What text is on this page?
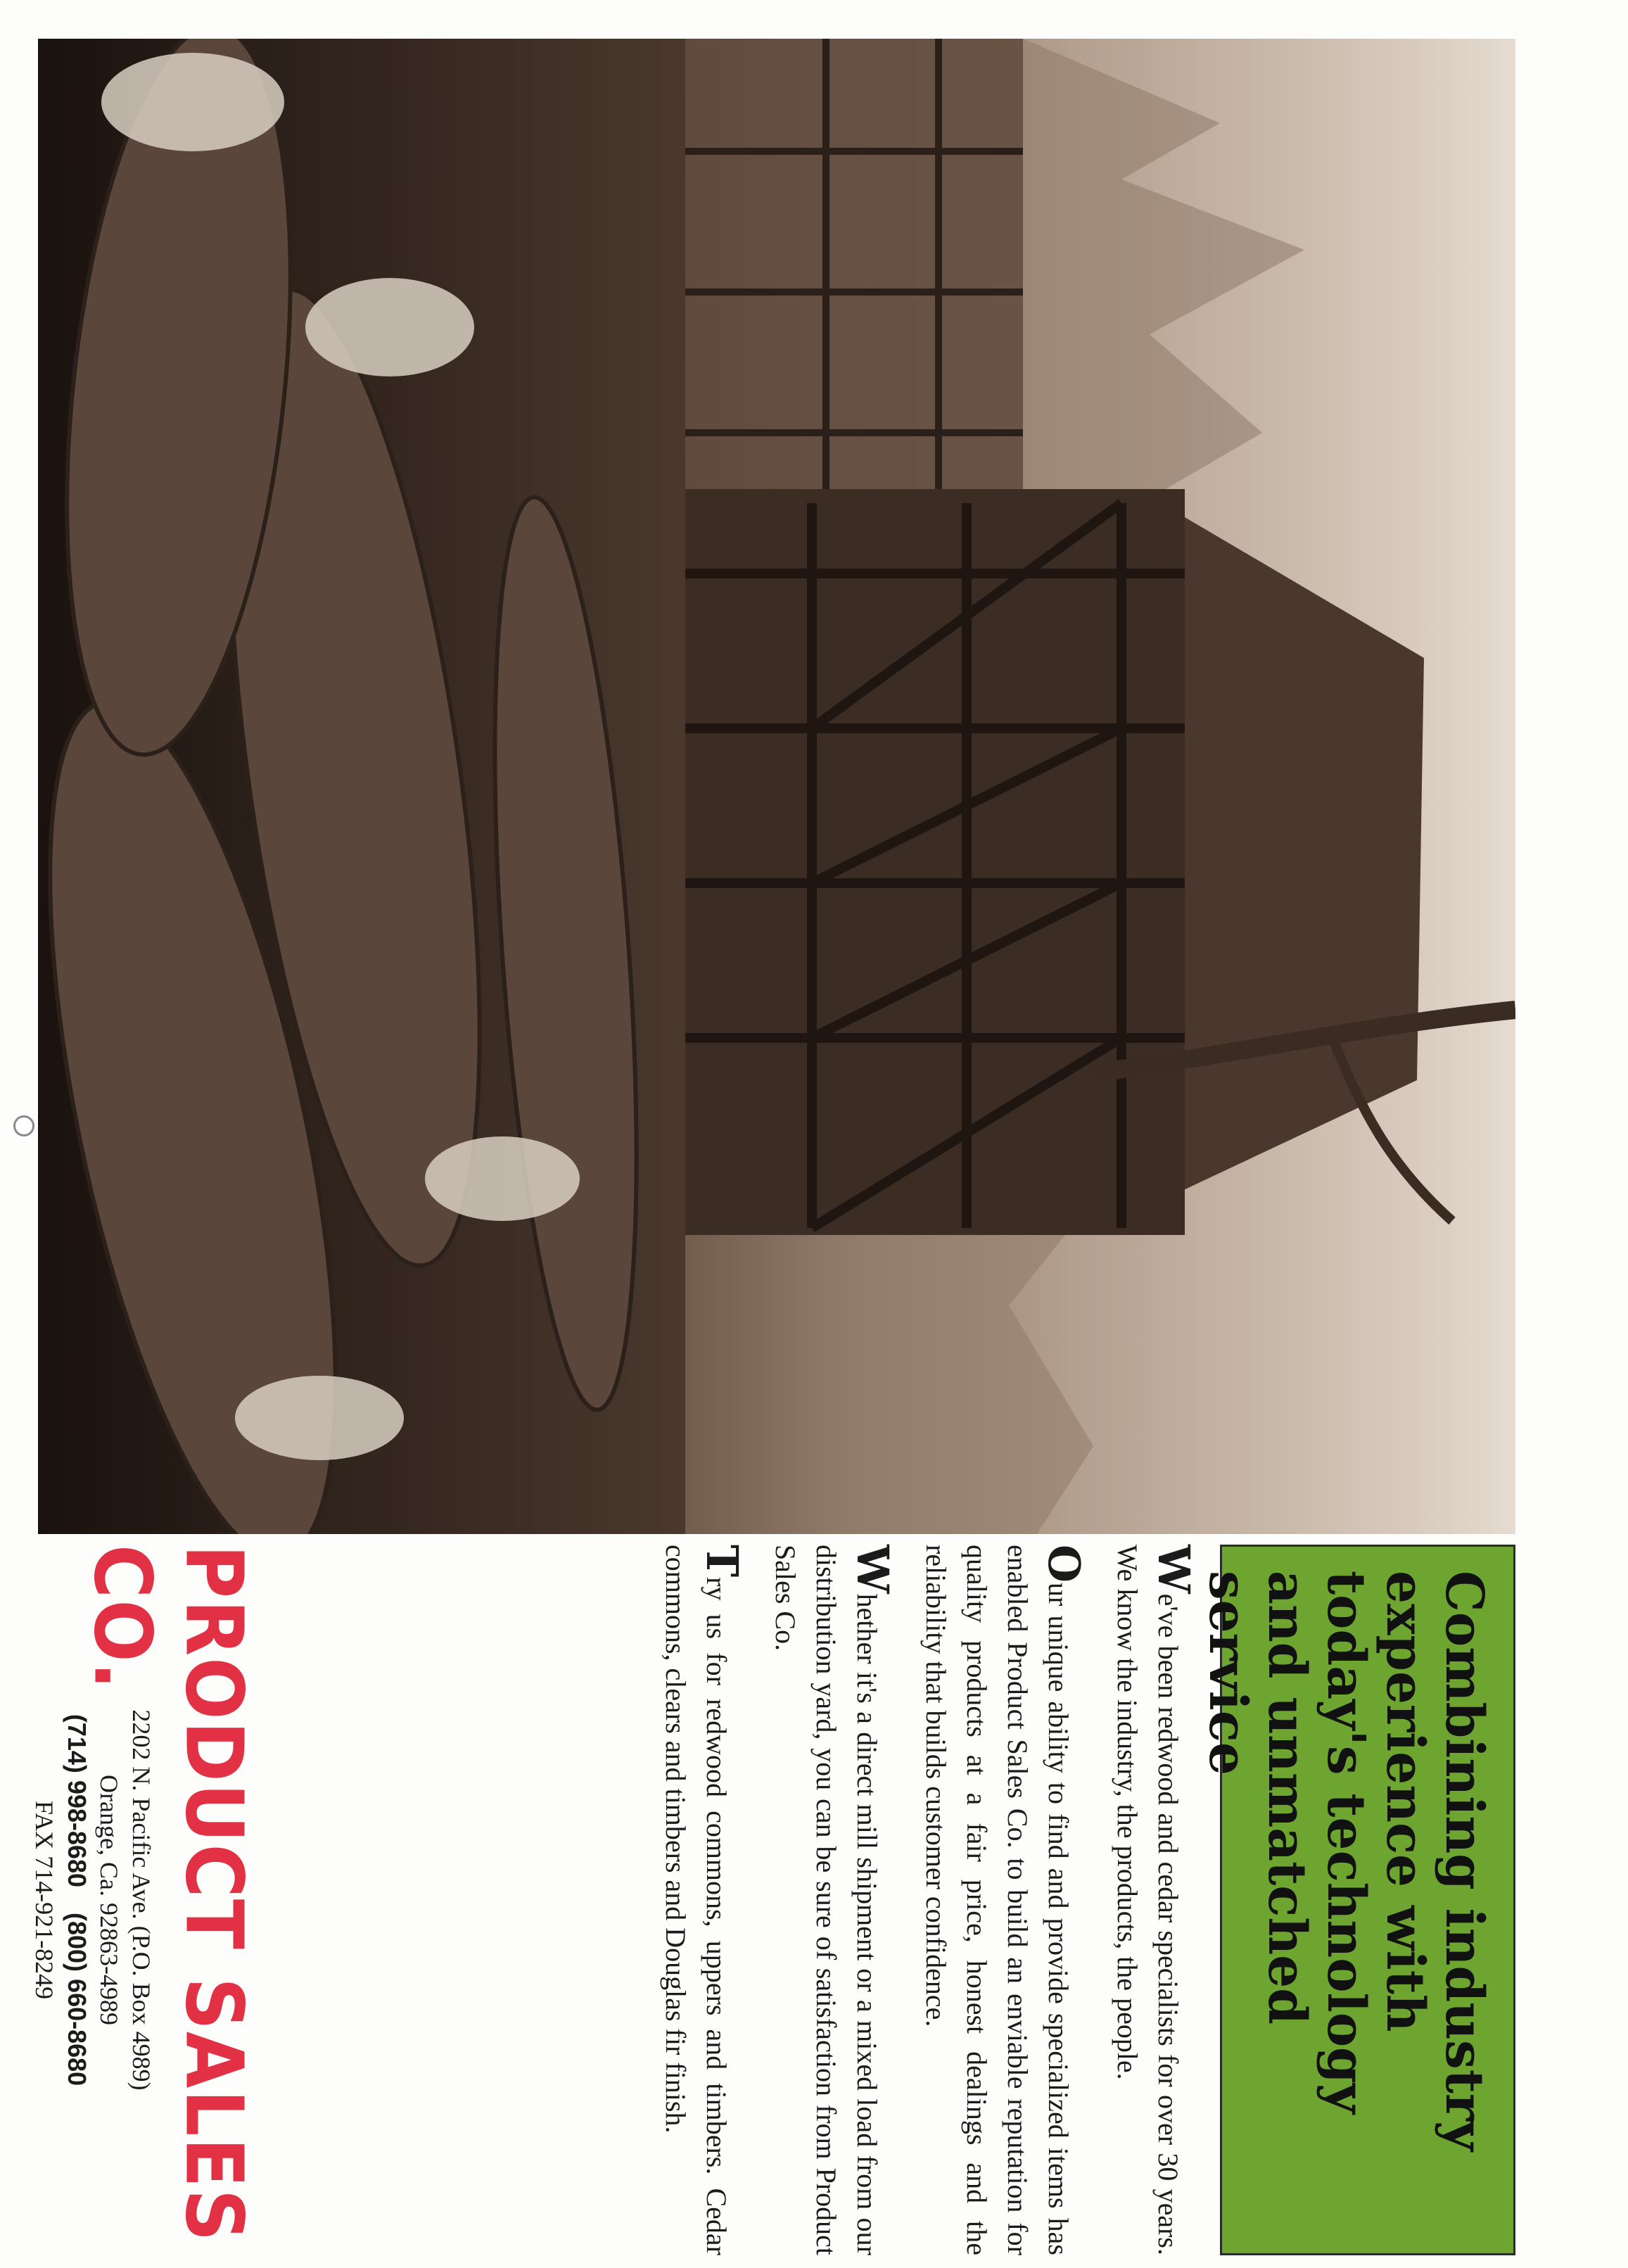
Combining industry experience with today's technology and unmatched service

We've been redwood and cedar specialists for over 30 years. We know the industry, the products, the people.

Our unique ability to find and provide specialized items has enabled Product Sales Co. to build an enviable reputation for quality products at a fair price, honest dealings and the reliability that builds customer confidence.

Whether it's a direct mill shipment or a mixed load from our distribution yard, you can be sure of satisfaction from Product Sales Co.

Try us for redwood commons, uppers and timbers. Cedar commons, clears and timbers and Douglas fir finish.

PRODUCT SALES CO.
2202 N. Pacific Ave. (P.O. Box 4989)
Orange, Ca. 92863-4989
(714) 998-8680(800) 660-8680
FAX 714-921-8249
